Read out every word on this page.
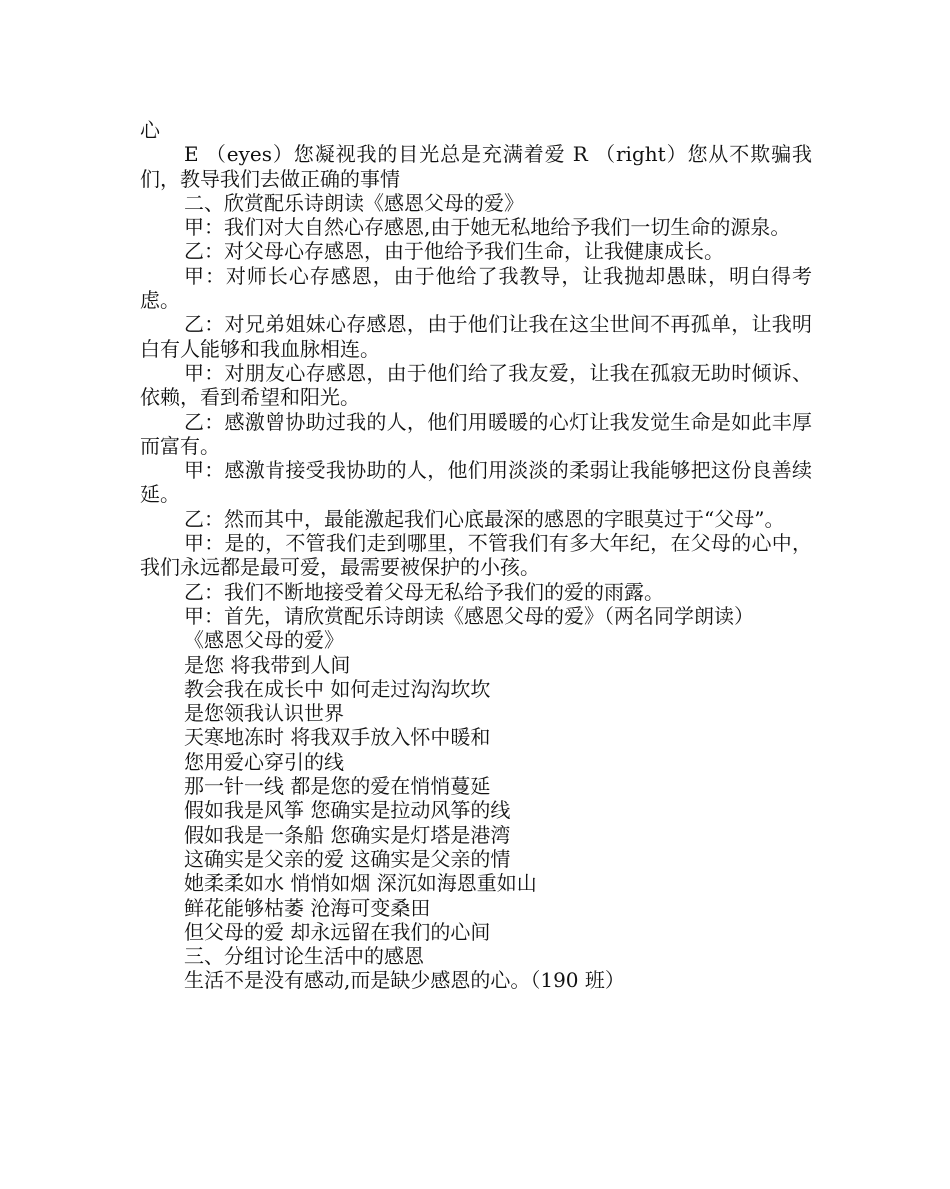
心

E （eyes）您凝视我的目光总是充满着爱 R （right）您从不欺骗我们，教导我们去做正确的事情

二、欣赏配乐诗朗读《感恩父母的爱》

甲：我们对大自然心存感恩,由于她无私地给予我们一切生命的源泉。

乙：对父母心存感恩，由于他给予我们生命，让我健康成长。

甲：对师长心存感恩，由于他给了我教导，让我抛却愚昧，明白得考虑。

乙：对兄弟姐妹心存感恩，由于他们让我在这尘世间不再孤单，让我明白有人能够和我血脉相连。

甲：对朋友心存感恩，由于他们给了我友爱，让我在孤寂无助时倾诉、依赖，看到希望和阳光。

乙：感激曾协助过我的人，他们用暖暖的心灯让我发觉生命是如此丰厚而富有。

甲：感激肯接受我协助的人，他们用淡淡的柔弱让我能够把这份良善续延。

乙：然而其中，最能激起我们心底最深的感恩的字眼莫过于“父母”。

甲：是的，不管我们走到哪里，不管我们有多大年纪，在父母的心中，我们永远都是最可爱，最需要被保护的小孩。

乙：我们不断地接受着父母无私给予我们的爱的雨露。

甲：首先，请欣赏配乐诗朗读《感恩父母的爱》（两名同学朗读）

《感恩父母的爱》

是您 将我带到人间

教会我在成长中 如何走过沟沟坎坎

是您领我认识世界

天寒地冻时 将我双手放入怀中暖和

您用爱心穿引的线

那一针一线 都是您的爱在悄悄蔓延

假如我是风筝 您确实是拉动风筝的线

假如我是一条船 您确实是灯塔是港湾

这确实是父亲的爱 这确实是父亲的情

她柔柔如水 悄悄如烟 深沉如海恩重如山

鲜花能够枯萎 沧海可变桑田

但父母的爱 却永远留在我们的心间

三、分组讨论生活中的感恩

生活不是没有感动,而是缺少感恩的心。（190 班）
